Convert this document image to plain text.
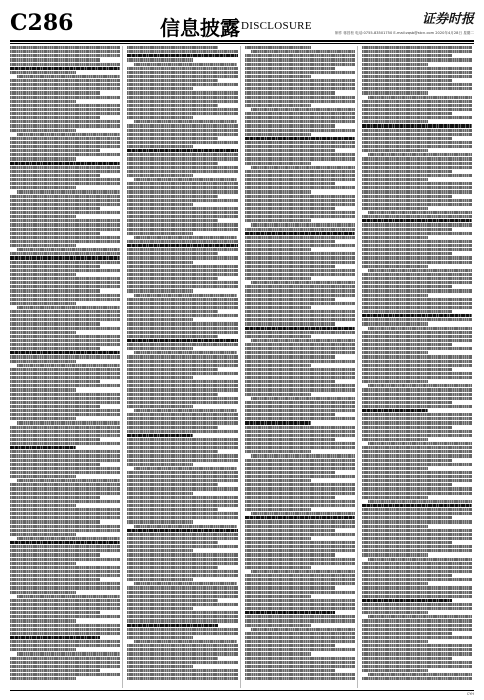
C286	信息披露 DISCLOSURE	证券时报
制作 蒋昌松 电话:0755-83501750 E-mail:zqsb@stcn.com 2020年4月28日 星期二
CYH
